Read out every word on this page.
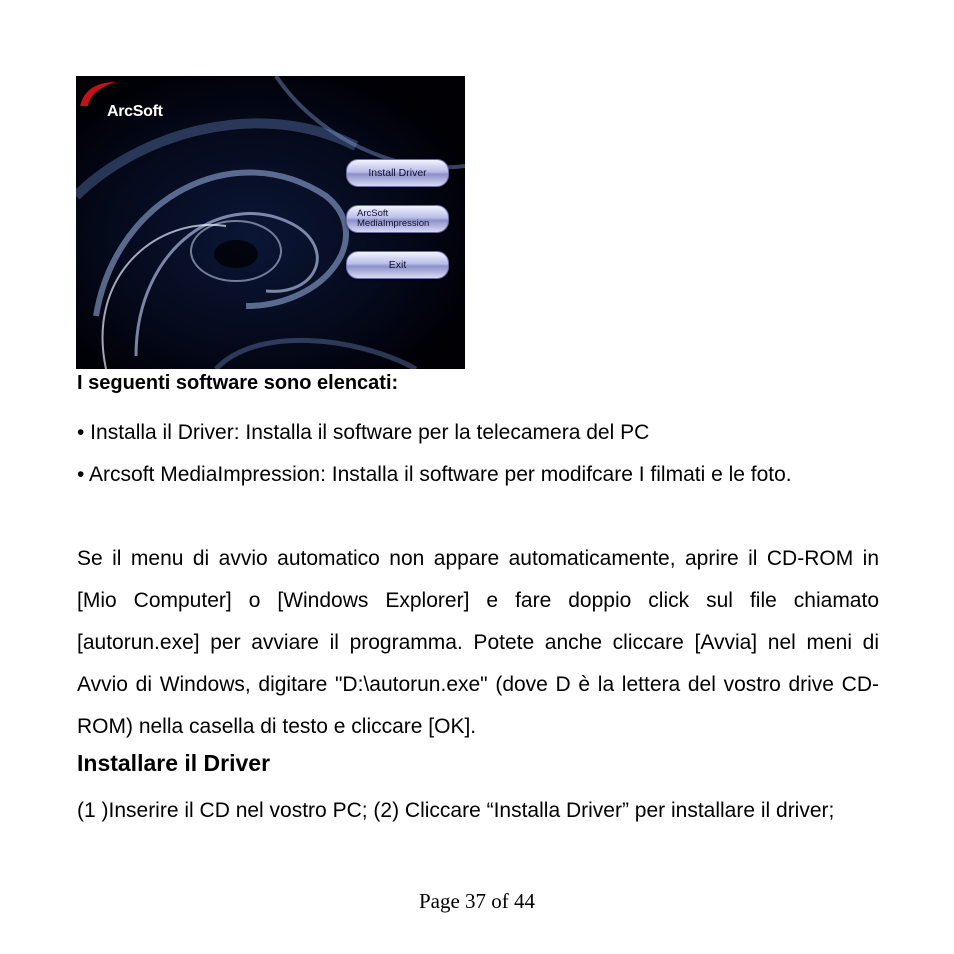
ArcSoft
Install Driver
ArcSoft
MediaImpression
Exit
I seguenti software sono elencati:

• Installa il Driver: Installa il software per la telecamera del PC

• Arcsoft MediaImpression: Installa il software per modifcare I filmati e le foto.

Se il menu di avvio automatico non appare automaticamente, aprire il CD-ROM in [Mio Computer] o [Windows Explorer] e fare doppio click sul file chiamato [autorun.exe] per avviare il programma. Potete anche cliccare [Avvia] nel meni di Avvio di Windows, digitare "D:\autorun.exe" (dove D è la lettera del vostro drive CD-ROM) nella casella di testo e cliccare [OK].

Installare il Driver

(1 )Inserire il CD nel vostro PC; (2) Cliccare “Installa Driver” per installare il driver;

Page 37 of 44
